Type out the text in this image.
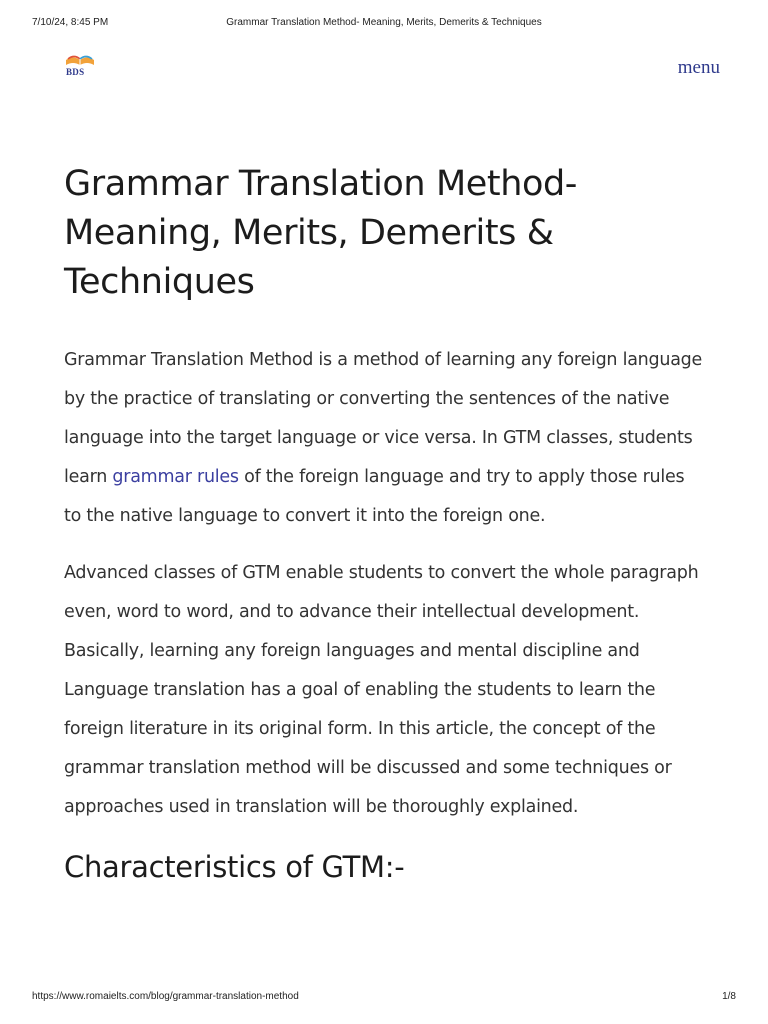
7/10/24, 8:45 PM	Grammar Translation Method- Meaning, Merits, Demerits & Techniques
BDS	menu
Grammar Translation Method- Meaning, Merits, Demerits & Techniques

Grammar Translation Method is a method of learning any foreign language by the practice of translating or converting the sentences of the native language into the target language or vice versa. In GTM classes, students learn grammar rules of the foreign language and try to apply those rules to the native language to convert it into the foreign one.

Advanced classes of GTM enable students to convert the whole paragraph even, word to word, and to advance their intellectual development. Basically, learning any foreign languages and mental discipline and Language translation has a goal of enabling the students to learn the foreign literature in its original form. In this article, the concept of the grammar translation method will be discussed and some techniques or approaches used in translation will be thoroughly explained.

Characteristics of GTM:-
https://www.romaielts.com/blog/grammar-translation-method	1/8
